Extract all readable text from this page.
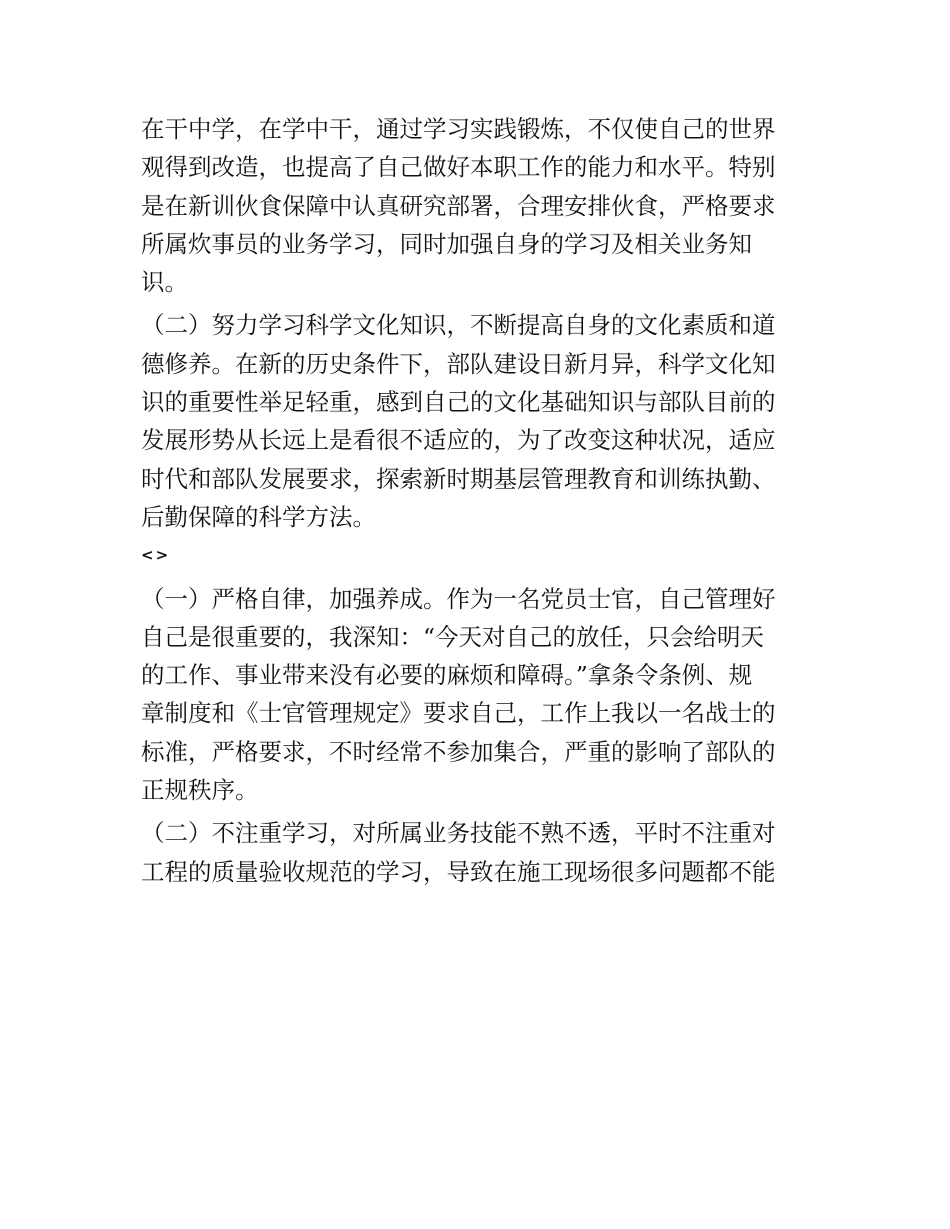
在干中学，在学中干，通过学习实践锻炼，不仅使自己的世界
观得到改造，也提高了自己做好本职工作的能力和水平。特别
是在新训伙食保障中认真研究部署，合理安排伙食，严格要求
所属炊事员的业务学习，同时加强自身的学习及相关业务知
识。
（二）努力学习科学文化知识，不断提高自身的文化素质和道
德修养。在新的历史条件下，部队建设日新月异，科学文化知
识的重要性举足轻重，感到自己的文化基础知识与部队目前的
发展形势从长远上是看很不适应的，为了改变这种状况，适应
时代和部队发展要求，探索新时期基层管理教育和训练执勤、
后勤保障的科学方法。
<>
（一）严格自律，加强养成。作为一名党员士官，自己管理好
自己是很重要的，我深知：“今天对自己的放任，只会给明天
的工作、事业带来没有必要的麻烦和障碍。”拿条令条例、规
章制度和《士官管理规定》要求自己，工作上我以一名战士的
标准，严格要求，不时经常不参加集合，严重的影响了部队的
正规秩序。
（二）不注重学习，对所属业务技能不熟不透，平时不注重对
工程的质量验收规范的学习，导致在施工现场很多问题都不能
